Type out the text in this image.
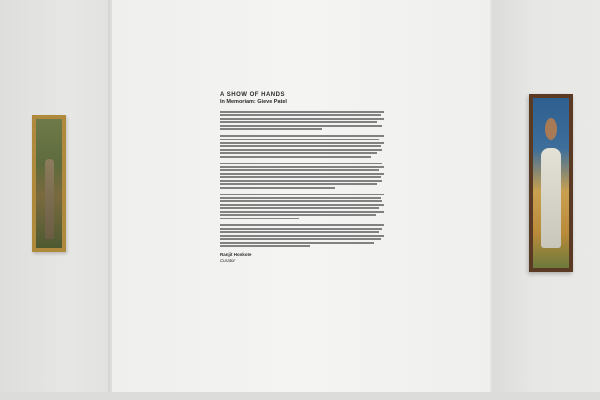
A SHOW OF HANDS

In Memoriam: Gieve Patel

Ranjit Hoskote
Curator
